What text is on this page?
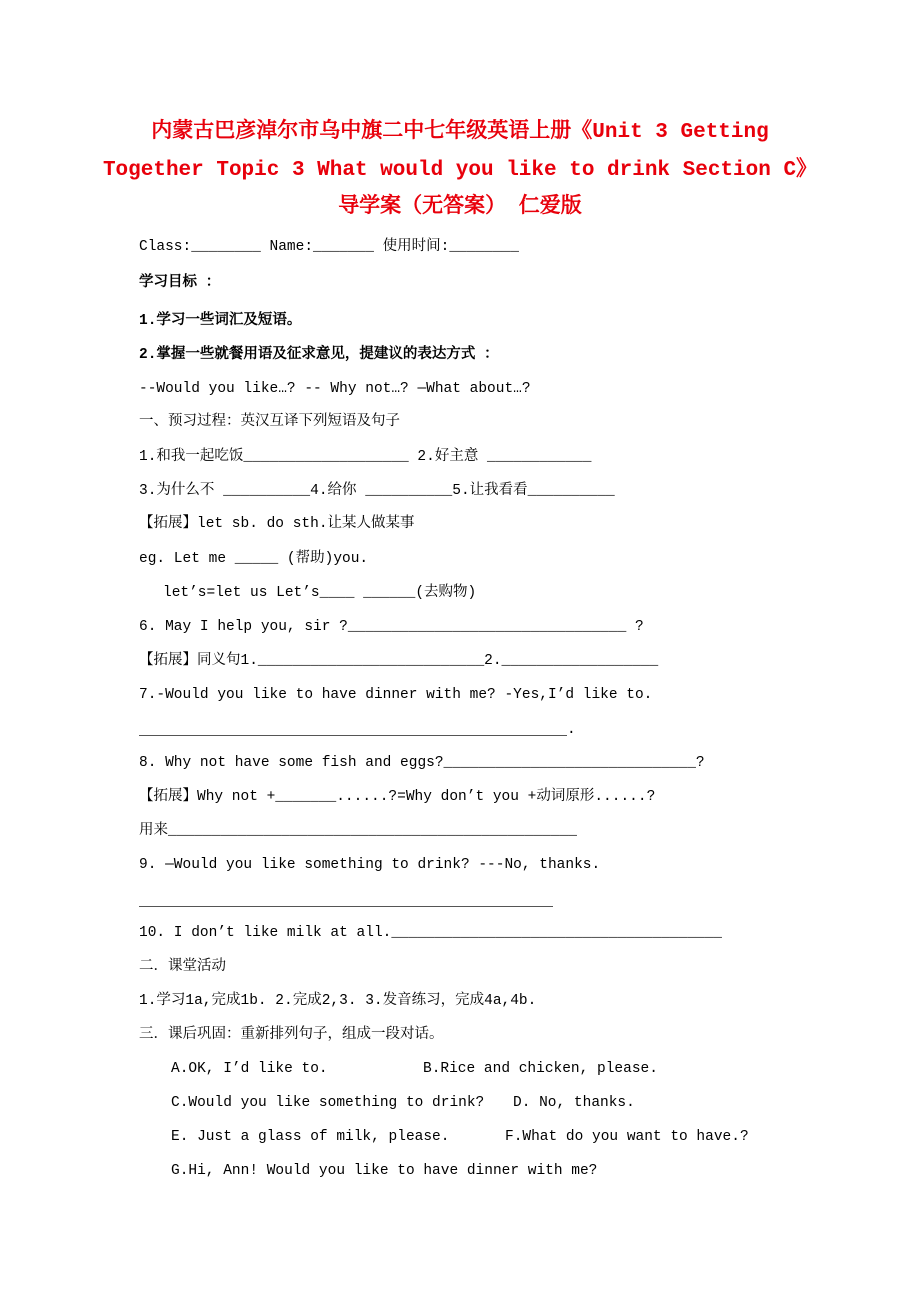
内蒙古巴彦淖尔市乌中旗二中七年级英语上册《Unit 3 Getting
Together Topic 3 What would you like to drink Section C》
导学案（无答案） 仁爱版
Class:________ Name:_______ 使用时间:________
学习目标 ：
1.学习一些词汇及短语。
2.掌握一些就餐用语及征求意见，提建议的表达方式 ：
--Would you like…? -- Why not…? —What about…?
一、预习过程：英汉互译下列短语及句子
1.和我一起吃饭___________________ 2.好主意 ____________
3.为什么不 __________4.给你 __________5.让我看看__________
【拓展】let sb. do sth.让某人做某事
eg. Let me _____ (帮助)you.
let’s=let us Let’s____ ______(去购物)
6. May I help you, sir ?________________________________ ?
【拓展】同义句1.__________________________2.__________________
7.-Would you like to have dinner with me? -Yes,I’d like to.
.
8. Why not have some fish and eggs?_____________________________?
【拓展】Why not +_______......?=Why don’t you +动词原形......?
用来_______________________________________________
9. —Would you like something to drink? ---No, thanks.
10. I don’t like milk at all.______________________________________
二．课堂活动
1.学习1a,完成1b. 2.完成2,3. 3.发音练习，完成4a,4b.
三．课后巩固：重新排列句子，组成一段对话。
A.OK, I’d like to.	B.Rice and chicken, please.
C.Would you like something to drink? D. No, thanks.
E. Just a glass of milk, please.	F.What do you want to have.?
G.Hi, Ann! Would you like to have dinner with me?
